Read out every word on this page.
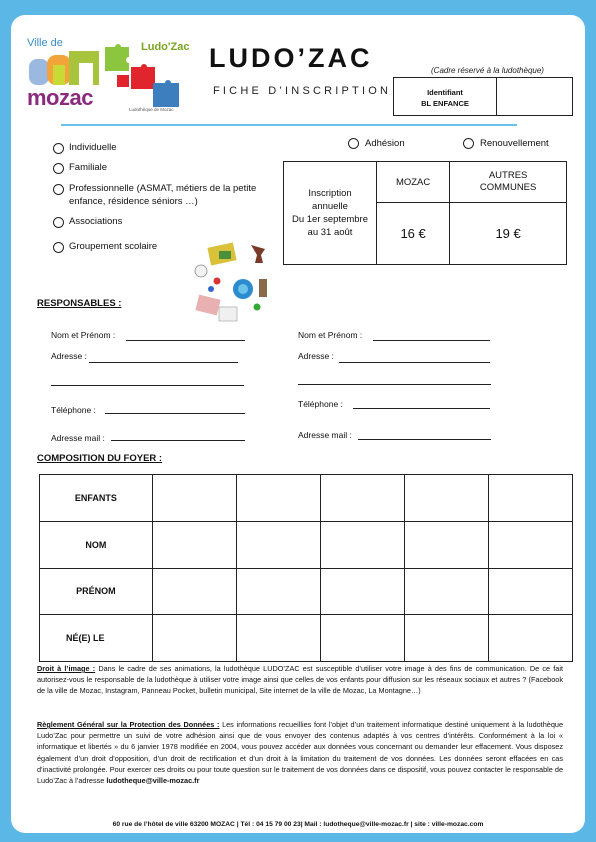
Ville de
mozac
Ludo'Zac
Ludothèque de Mozac
LUDO’ZAC
FICHE D’INSCRIPTION
(Cadre réservé à la ludothèque)
Identifiant
BL ENFANCE
Adhésion	Renouvellement
Individuelle
Familiale
Professionnelle (ASMAT, métiers de la petite
enfance, résidence séniors …)
Associations
Groupement scolaire
Inscription
annuelle
Du 1er septembre
au 31 août	MOZAC	AUTRES
COMMUNES
	16 €	19 €
RESPONSABLES :
Nom et Prénom :
Adresse :
Téléphone :
Adresse mail :
Nom et Prénom :
Adresse :
Téléphone :
Adresse mail :
COMPOSITION DU FOYER :
ENFANTS					
NOM					
PRÉNOM					
NÉ(E) LE					
Droit à l’image : Dans le cadre de ses animations, la ludothèque LUDO’ZAC est susceptible d’utiliser votre image à des fins de communication. De ce fait autorisez-vous le responsable de la ludothèque à utiliser votre image ainsi que celles de vos enfants pour diffusion sur les réseaux sociaux et autres ? (Facebook de la ville de Mozac, Instagram, Panneau Pocket, bulletin municipal, Site internet de la ville de Mozac, La Montagne…)
Règlement Général sur la Protection des Données : Les informations recueillies font l’objet d’un traitement informatique destiné uniquement à la ludothèque Ludo’Zac pour permettre un suivi de votre adhésion ainsi que de vous envoyer des contenus adaptés à vos centres d’intérêts. Conformément à la loi « informatique et libertés » du 6 janvier 1978 modifiée en 2004, vous pouvez accéder aux données vous concernant ou demander leur effacement. Vous disposez également d’un droit d’opposition, d’un droit de rectification et d’un droit à la limitation du traitement de vos données. Les données seront effacées en cas d’inactivité prolongée. Pour exercer ces droits ou pour toute question sur le traitement de vos données dans ce dispositif, vous pouvez contacter le responsable de Ludo’Zac à l’adresse ludotheque@ville-mozac.fr
60 rue de l’hôtel de ville 63200 MOZAC | Tél : 04 15 79 00 23| Mail : ludotheque@ville-mozac.fr | site : ville-mozac.com
